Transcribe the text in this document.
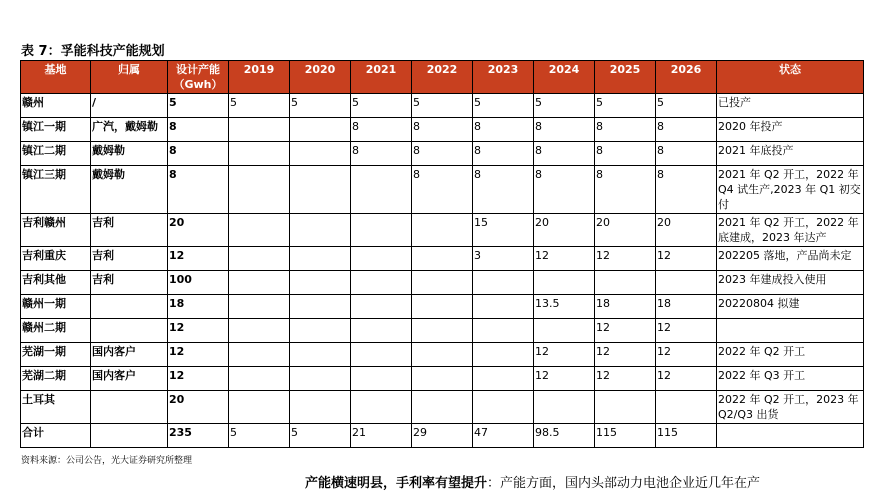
表 7：孚能科技产能规划
基地	归属	设计产能（Gwh）	2019	2020	2021	2022	2023	2024	2025	2026	状态
赣州	/	5	5	5	5	5	5	5	5	5	已投产
镇江一期	广汽，戴姆勒	8			8	8	8	8	8	8	2020 年投产
镇江二期	戴姆勒	8			8	8	8	8	8	8	2021 年底投产
镇江三期	戴姆勒	8				8	8	8	8	8	2021 年 Q2 开工，2022 年 Q4 试生产,2023 年 Q1 初交付
吉利赣州	吉利	20					15	20	20	20	2021 年 Q2 开工，2022 年底建成，2023 年达产
吉利重庆	吉利	12					3	12	12	12	202205 落地，产品尚未定
吉利其他	吉利	100									2023 年建成投入使用
赣州一期		18						13.5	18	18	20220804 拟建
赣州二期		12							12	12	
芜湖一期	国内客户	12						12	12	12	2022 年 Q2 开工
芜湖二期	国内客户	12						12	12	12	2022 年 Q3 开工
土耳其		20									2022 年 Q2 开工，2023 年 Q2/Q3 出货
合计		235	5	5	21	29	47	98.5	115	115	
资料来源：公司公告，光大证券研究所整理
产能横速明县，手利率有望提升：产能方面，国内头部动力电池企业近几年在产
